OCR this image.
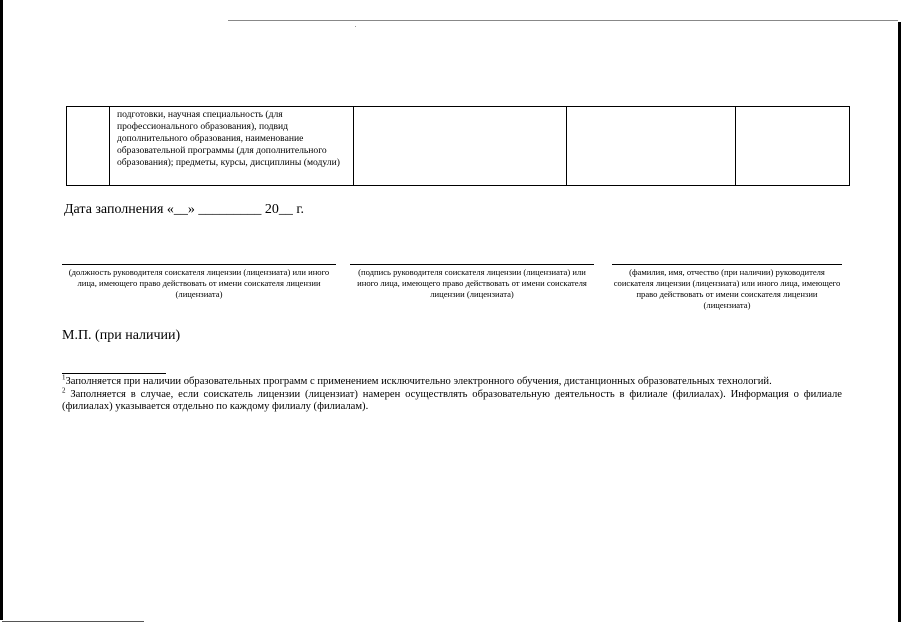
подготовки, научная специальность (для профессионального образования), подвид дополнительного образования, наименование образовательной программы (для дополнительного образования); предметы, курсы, дисциплины (модули)

Дата заполнения «__» _________ 20__ г.
(должность руководителя соискателя лицензии (лицензиата) или иного лица, имеющего право действовать от имени соискателя лицензии (лицензиата)
(подпись руководителя соискателя лицензии (лицензиата) или иного лица, имеющего право действовать от имени соискателя лицензии (лицензиата)
(фамилия, имя, отчество (при наличии) руководителя соискателя лицензии (лицензиата) или иного лица, имеющего право действовать от имени соискателя лицензии (лицензиата)
М.П. (при наличии)

$^1$Заполняется при наличии образовательных программ с применением исключительно электронного обучения, дистанционных образовательных технологий.

$^2$ Заполняется в случае, если соискатель лицензии (лицензиат) намерен осуществлять образовательную деятельность в филиале (филиалах). Информация о филиале (филиалах) указывается отдельно по каждому филиалу (филиалам).
